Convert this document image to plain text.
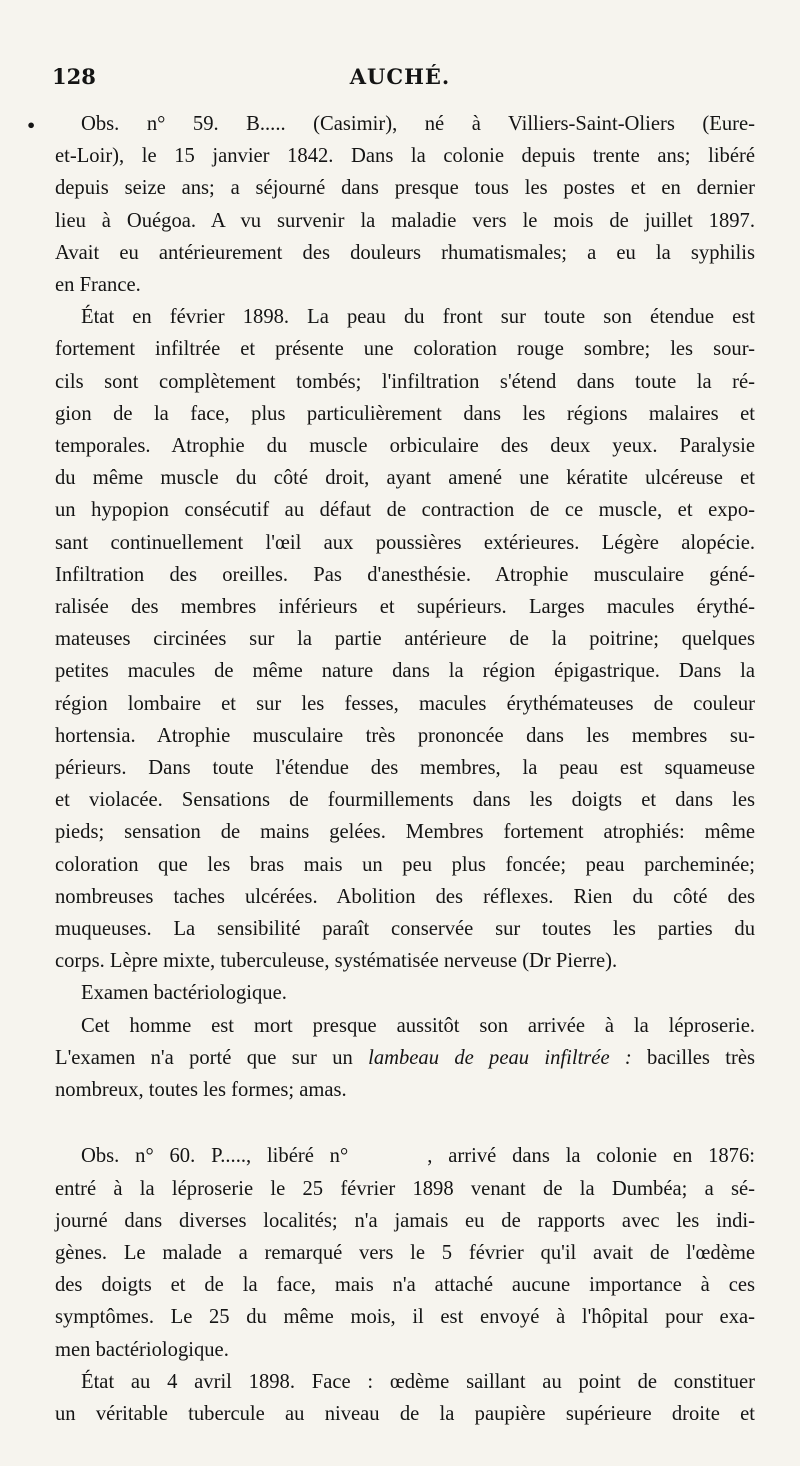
128	AUCHÉ.
•	Obs. n° 59. B..... (Casimir), né à Villiers-Saint-Oliers (Eure-
et-Loir), le 15 janvier 1842. Dans la colonie depuis trente ans; libéré
depuis seize ans; a séjourné dans presque tous les postes et en dernier
lieu à Ouégoa. A vu survenir la maladie vers le mois de juillet 1897.
Avait eu antérieurement des douleurs rhumatismales; a eu la syphilis
en France.
État en février 1898. La peau du front sur toute son étendue est
fortement infiltrée et présente une coloration rouge sombre; les sour-
cils sont complètement tombés; l'infiltration s'étend dans toute la ré-
gion de la face, plus particulièrement dans les régions malaires et
temporales. Atrophie du muscle orbiculaire des deux yeux. Paralysie
du même muscle du côté droit, ayant amené une kératite ulcéreuse et
un hypopion consécutif au défaut de contraction de ce muscle, et expo-
sant continuellement l'œil aux poussières extérieures. Légère alopécie.
Infiltration des oreilles. Pas d'anesthésie. Atrophie musculaire géné-
ralisée des membres inférieurs et supérieurs. Larges macules érythé-
mateuses circinées sur la partie antérieure de la poitrine; quelques
petites macules de même nature dans la région épigastrique. Dans la
région lombaire et sur les fesses, macules érythémateuses de couleur
hortensia. Atrophie musculaire très prononcée dans les membres su-
périeurs. Dans toute l'étendue des membres, la peau est squameuse
et violacée. Sensations de fourmillements dans les doigts et dans les
pieds; sensation de mains gelées. Membres fortement atrophiés: même
coloration que les bras mais un peu plus foncée; peau parcheminée;
nombreuses taches ulcérées. Abolition des réflexes. Rien du côté des
muqueuses. La sensibilité paraît conservée sur toutes les parties du
corps. Lèpre mixte, tuberculeuse, systématisée nerveuse (Dr Pierre).
Examen bactériologique.
Cet homme est mort presque aussitôt son arrivée à la léproserie.
L'examen n'a porté que sur un lambeau de peau infiltrée : bacilles très
nombreux, toutes les formes; amas.
Obs. n° 60. P....., libéré n°     , arrivé dans la colonie en 1876:
entré à la léproserie le 25 février 1898 venant de la Dumbéa; a sé-
journé dans diverses localités; n'a jamais eu de rapports avec les indi-
gènes. Le malade a remarqué vers le 5 février qu'il avait de l'œdème
des doigts et de la face, mais n'a attaché aucune importance à ces
symptômes. Le 25 du même mois, il est envoyé à l'hôpital pour exa-
men bactériologique.
État au 4 avril 1898. Face : œdème saillant au point de constituer
un véritable tubercule au niveau de la paupière supérieure droite et
